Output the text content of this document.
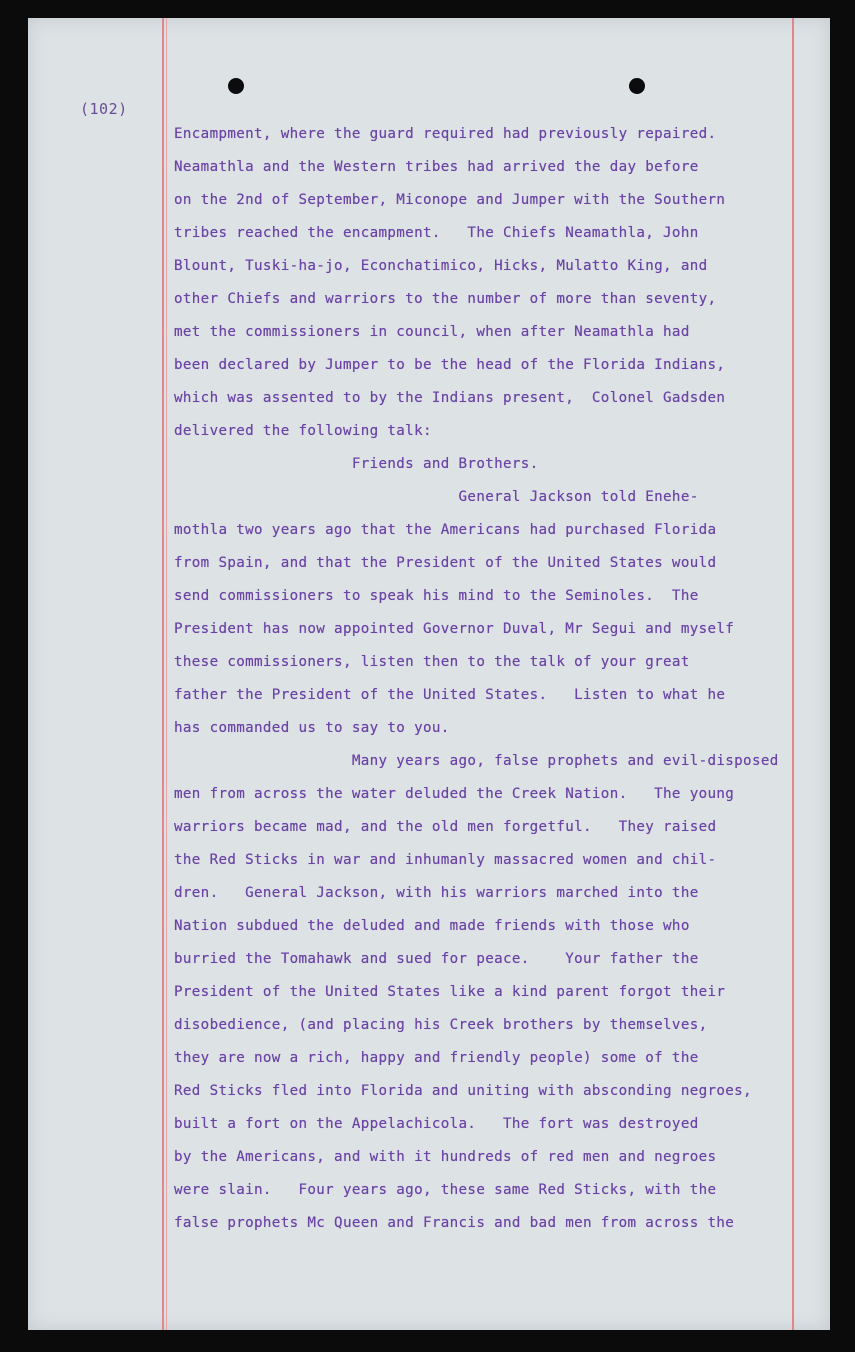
(102)
Encampment, where the guard required had previously repaired.
Neamathla and the Western tribes had arrived the day before
on the 2nd of September, Miconope and Jumper with the Southern
tribes reached the encampment.   The Chiefs Neamathla, John
Blount, Tuski-ha-jo, Econchatimico, Hicks, Mulatto King, and
other Chiefs and warriors to the number of more than seventy,
met the commissioners in council, when after Neamathla had
been declared by Jumper to be the head of the Florida Indians,
which was assented to by the Indians present,  Colonel Gadsden
delivered the following talk:
Friends and Brothers.
General Jackson told Enehe-
mothla two years ago that the Americans had purchased Florida
from Spain, and that the President of the United States would
send commissioners to speak his mind to the Seminoles.  The
President has now appointed Governor Duval, Mr Segui and myself
these commissioners, listen then to the talk of your great
father the President of the United States.   Listen to what he
has commanded us to say to you.
Many years ago, false prophets and evil-disposed
men from across the water deluded the Creek Nation.   The young
warriors became mad, and the old men forgetful.   They raised
the Red Sticks in war and inhumanly massacred women and chil-
dren.   General Jackson, with his warriors marched into the
Nation subdued the deluded and made friends with those who
burried the Tomahawk and sued for peace.    Your father the
President of the United States like a kind parent forgot their
disobedience, (and placing his Creek brothers by themselves,
they are now a rich, happy and friendly people) some of the
Red Sticks fled into Florida and uniting with absconding negroes,
built a fort on the Appelachicola.   The fort was destroyed
by the Americans, and with it hundreds of red men and negroes
were slain.   Four years ago, these same Red Sticks, with the
false prophets Mc Queen and Francis and bad men from across the
